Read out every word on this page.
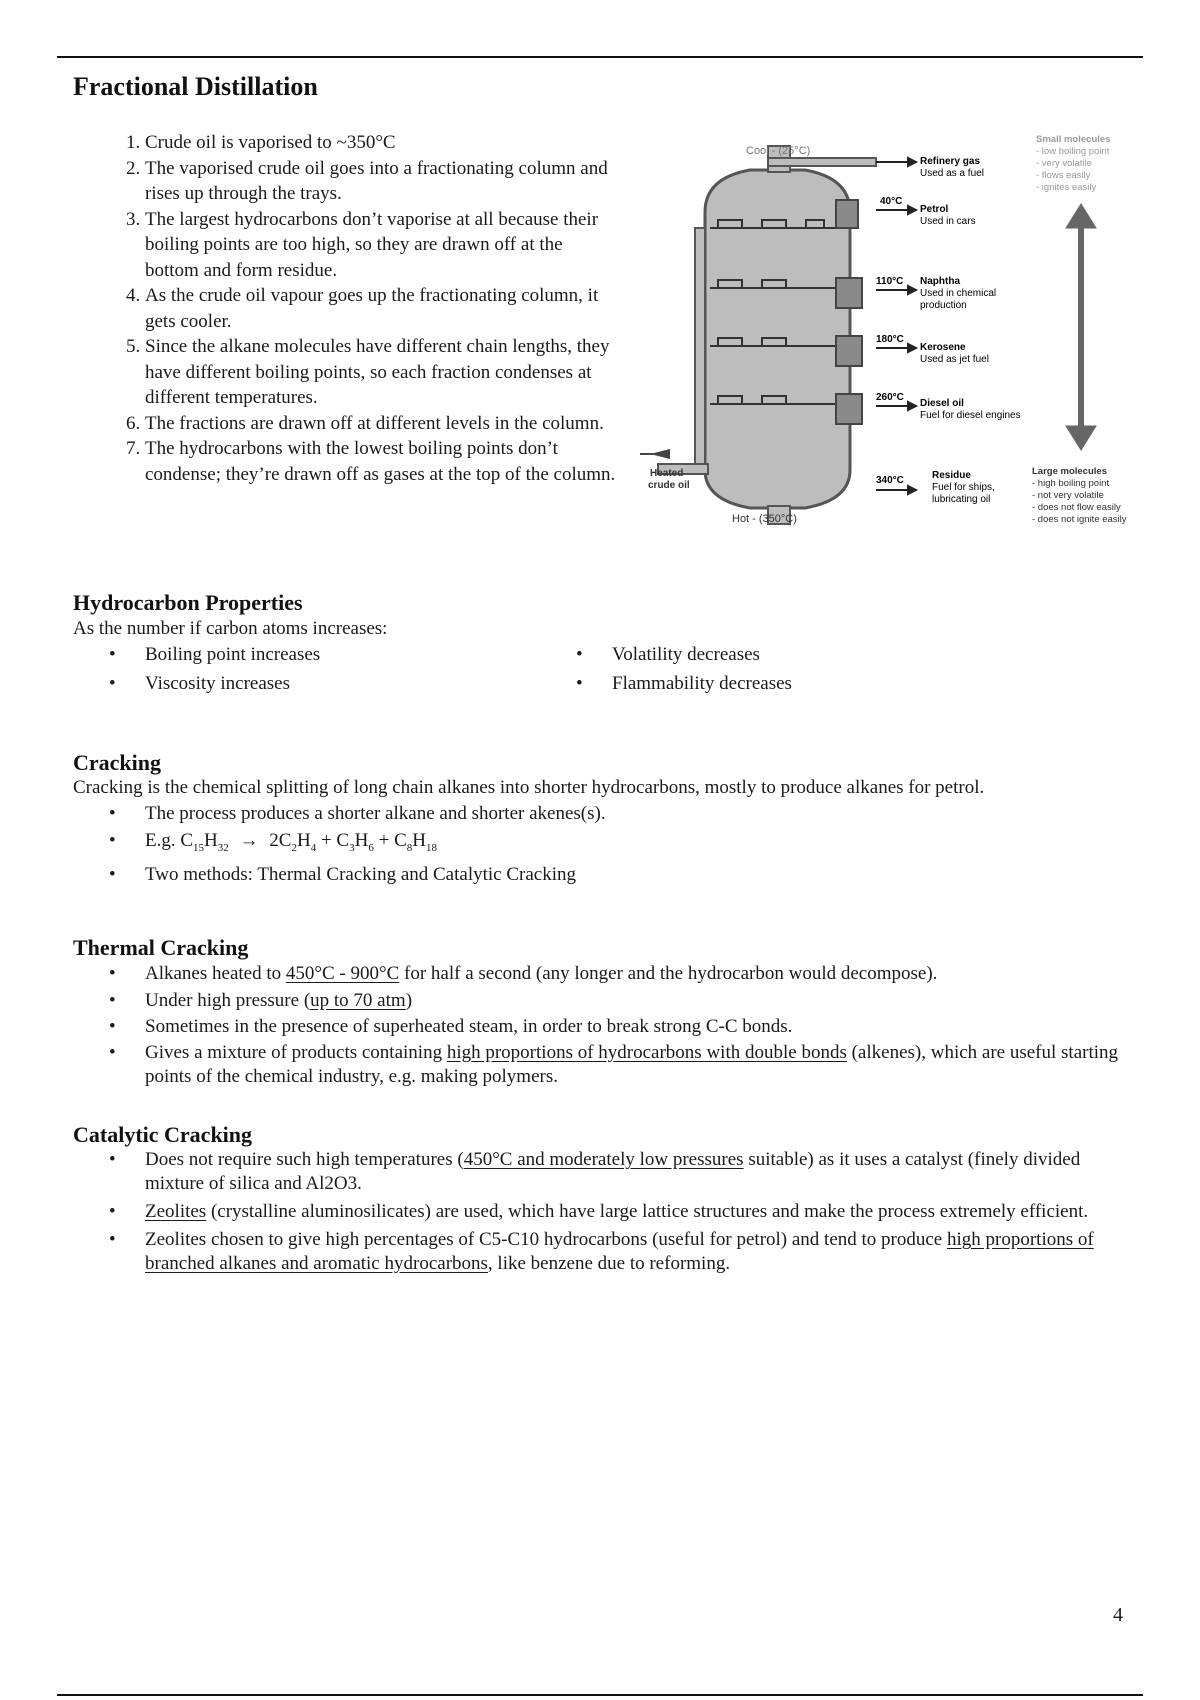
Fractional Distillation
1. Crude oil is vaporised to ~350°C
2. The vaporised crude oil goes into a fractionating column and rises up through the trays.
3. The largest hydrocarbons don’t vaporise at all because their boiling points are too high, so they are drawn off at the bottom and form residue.
4. As the crude oil vapour goes up the fractionating column, it gets cooler.
5. Since the alkane molecules have different chain lengths, they have different boiling points, so each fraction condenses at different temperatures.
6. The fractions are drawn off at different levels in the column.
7. The hydrocarbons with the lowest boiling points don’t condense; they’re drawn off as gases at the top of the column.
Cool - (25°C)
Hot - (350°C)
Heated
crude oil
40°C
110°C
180°C
260°C
340°C
Refinery gas
Used as a fuel
Petrol
Used in cars
Naphtha
Used in chemical
production
Kerosene
Used as jet fuel
Diesel oil
Fuel for diesel engines
Residue
Fuel for ships,
lubricating oil
Small molecules
- low boiling point
- very volatile
- flows easily
- ignites easily
Large molecules
- high boiling point
- not very volatile
- does not flow easily
- does not ignite easily
Hydrocarbon Properties
As the number if carbon atoms increases:
• Boiling point increases
• Viscosity increases
• Volatility decreases
• Flammability decreases
Cracking
Cracking is the chemical splitting of long chain alkanes into shorter hydrocarbons, mostly to produce alkanes for petrol.
• The process produces a shorter alkane and shorter akenes(s).
• E.g. $C_{15}H_{32} \to 2C_2H_4 + C_3H_6 + C_8H_{18}$
• Two methods: Thermal Cracking and Catalytic Cracking
Thermal Cracking
• Alkanes heated to 450°C - 900°C for half a second (any longer and the hydrocarbon would decompose).
• Under high pressure (up to 70 atm)
• Sometimes in the presence of superheated steam, in order to break strong C-C bonds.
• Gives a mixture of products containing high proportions of hydrocarbons with double bonds (alkenes), which are useful starting points of the chemical industry, e.g. making polymers.
Catalytic Cracking
• Does not require such high temperatures (450°C and moderately low pressures suitable) as it uses a catalyst (finely divided mixture of silica and Al2O3.
• Zeolites (crystalline aluminosilicates) are used, which have large lattice structures and make the process extremely efficient.
• Zeolites chosen to give high percentages of C5-C10 hydrocarbons (useful for petrol) and tend to produce high proportions of branched alkanes and aromatic hydrocarbons, like benzene due to reforming.
4
